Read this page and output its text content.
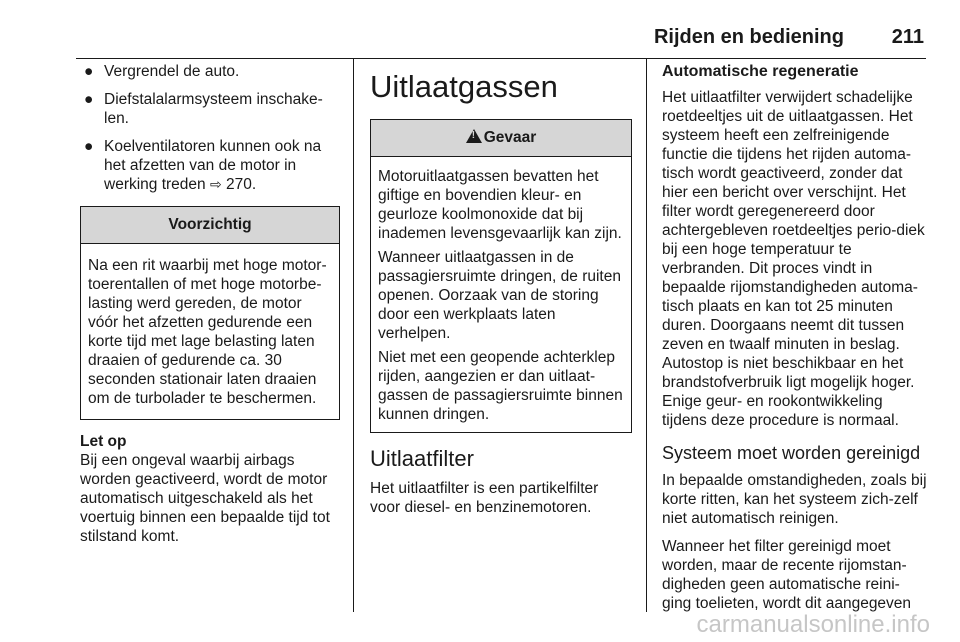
Rijden en bediening 211
● Vergrendel de auto.
● Diefstalalarmsysteem inschake-len.
● Koelventilatoren kunnen ook na het afzetten van de motor in werking treden ⇨ 270.
Voorzichtig

Na een rit waarbij met hoge motor-toerentallen of met hoge motorbe-lasting werd gereden, de motor vóór het afzetten gedurende een korte tijd met lage belasting laten draaien of gedurende ca. 30 seconden stationair laten draaien om de turbolader te beschermen.

Let op

Bij een ongeval waarbij airbags worden geactiveerd, wordt de motor automatisch uitgeschakeld als het voertuig binnen een bepaalde tijd tot stilstand komt.

Uitlaatgassen
!Gevaar

Motoruitlaatgassen bevatten het giftige en bovendien kleur- en geurloze koolmonoxide dat bij inademen levensgevaarlijk kan zijn.

Wanneer uitlaatgassen in de passagiersruimte dringen, de ruiten openen. Oorzaak van de storing door een werkplaats laten verhelpen.

Niet met een geopende achterklep rijden, aangezien er dan uitlaat-gassen de passagiersruimte binnen kunnen dringen.

Uitlaatfilter

Het uitlaatfilter is een partikelfilter voor diesel- en benzinemotoren.

Automatische regeneratie

Het uitlaatfilter verwijdert schadelijke roetdeeltjes uit de uitlaatgassen. Het systeem heeft een zelfreinigende functie die tijdens het rijden automa-tisch wordt geactiveerd, zonder dat hier een bericht over verschijnt. Het filter wordt geregenereerd door achtergebleven roetdeeltjes perio-diek bij een hoge temperatuur te verbranden. Dit proces vindt in bepaalde rijomstandigheden automa-tisch plaats en kan tot 25 minuten duren. Doorgaans neemt dit tussen zeven en twaalf minuten in beslag. Autostop is niet beschikbaar en het brandstofverbruik ligt mogelijk hoger. Enige geur- en rookontwikkeling tijdens deze procedure is normaal.

Systeem moet worden gereinigd

In bepaalde omstandigheden, zoals bij korte ritten, kan het systeem zich-zelf niet automatisch reinigen.

Wanneer het filter gereinigd moet worden, maar de recente rijomstan-digheden geen automatische reini-ging toelieten, wordt dit aangegeven

carmanualsonline.info
